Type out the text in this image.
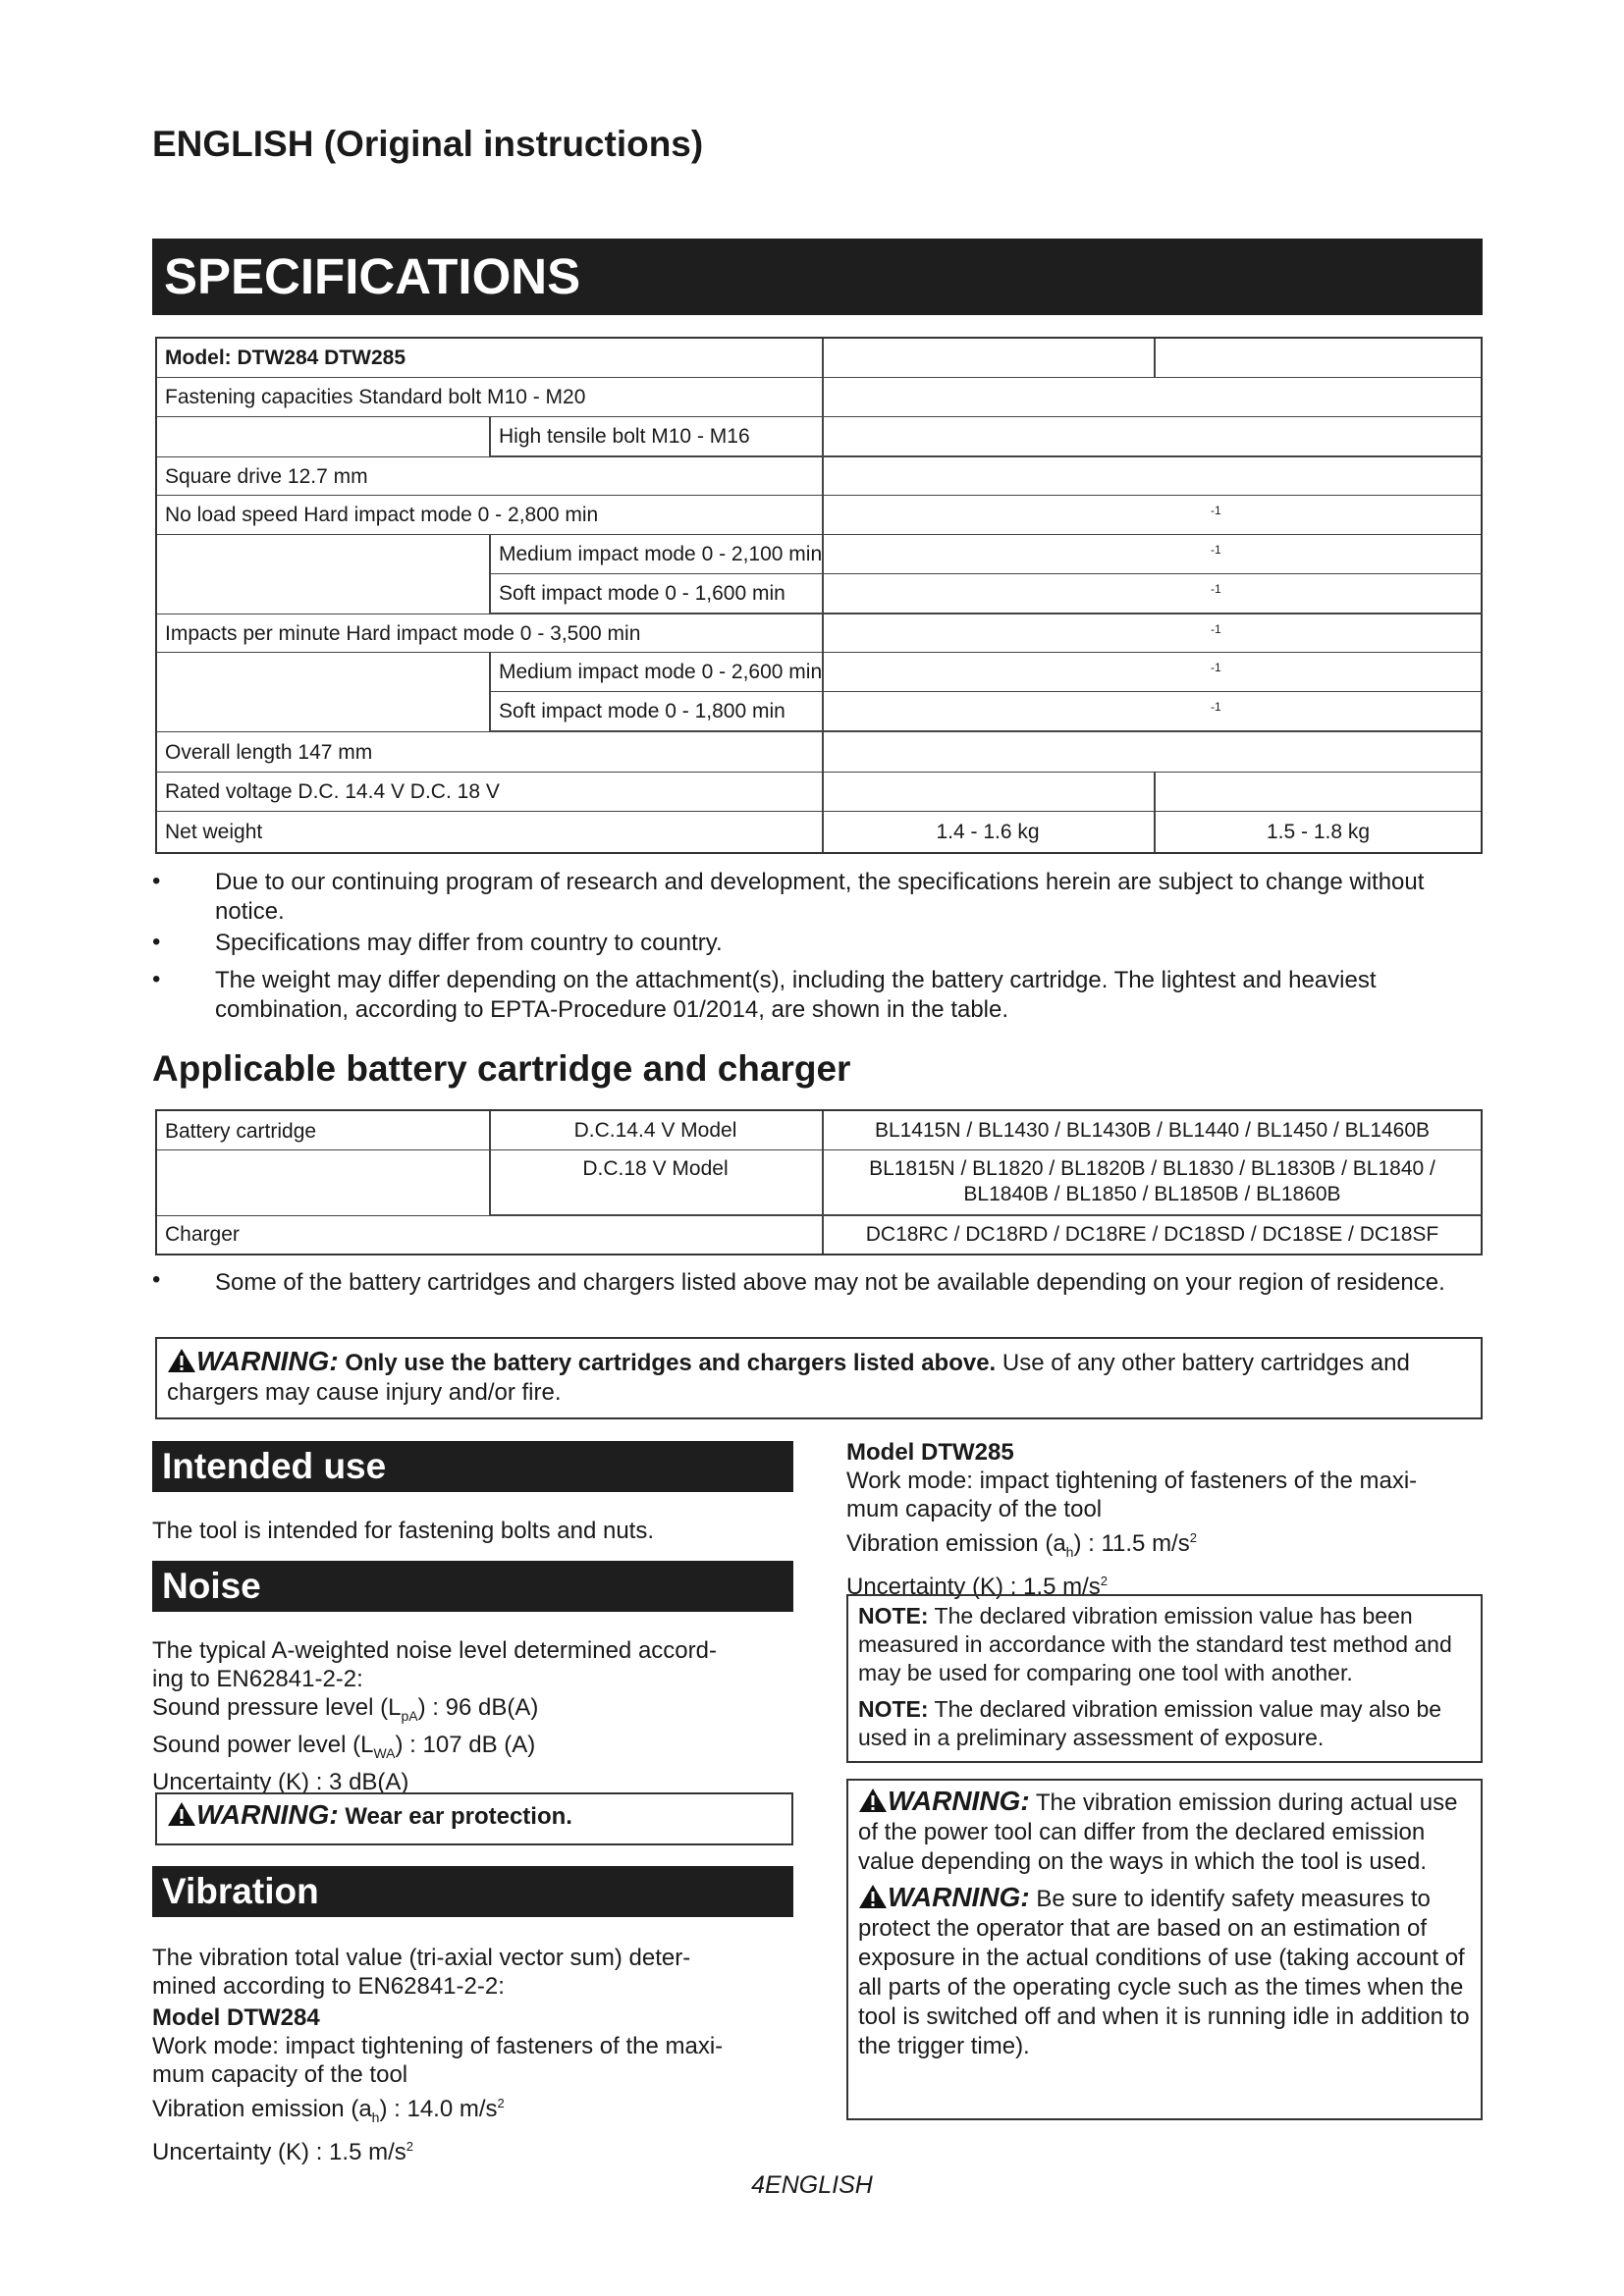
ENGLISH (Original instructions)
SPECIFICATIONS
Model: DTW284 DTW285
Fastening capacities Standard bolt M10 - M20
High tensile bolt M10 - M16
Square drive 12.7 mm
No load speed Hard impact mode 0 - 2,800 min	-1
Medium impact mode 0 - 2,100 min	-1
Soft impact mode 0 - 1,600 min	-1
Impacts per minute Hard impact mode 0 - 3,500 min	-1
Medium impact mode 0 - 2,600 min	-1
Soft impact mode 0 - 1,800 min	-1
Overall length 147 mm
Rated voltage D.C. 14.4 V D.C. 18 V
Net weight	1.4 - 1.6 kg	1.5 - 1.8 kg
• Due to our continuing program of research and development, the specifications herein are subject to change without notice.
• Specifications may differ from country to country.
• The weight may differ depending on the attachment(s), including the battery cartridge. The lightest and heaviest combination, according to EPTA-Procedure 01/2014, are shown in the table.
Applicable battery cartridge and charger
Battery cartridge	D.C.14.4 V Model	BL1415N / BL1430 / BL1430B / BL1440 / BL1450 / BL1460B
D.C.18 V Model	BL1815N / BL1820 / BL1820B / BL1830 / BL1830B / BL1840 /
BL1840B / BL1850 / BL1850B / BL1860B
Charger	DC18RC / DC18RD / DC18RE / DC18SD / DC18SE / DC18SF
• Some of the battery cartridges and chargers listed above may not be available depending on your region of residence.
WARNING: Only use the battery cartridges and chargers listed above. Use of any other battery cartridges and chargers may cause injury and/or fire.
Intended use
The tool is intended for fastening bolts and nuts.
Noise
The typical A-weighted noise level determined accord-
ing to EN62841-2-2:
Sound pressure level $(L_{pA})$ : 96 dB(A)
Sound power level $(L_{WA})$ : 107 dB (A)
Uncertainty (K) : 3 dB(A)
WARNING: Wear ear protection.
Vibration
The vibration total value (tri-axial vector sum) deter-
mined according to EN62841-2-2:
Model DTW284
Work mode: impact tightening of fasteners of the maxi-
mum capacity of the tool
Vibration emission $(a_h)$ : 14.0 $m/s^2$
Uncertainty (K) : 1.5 $m/s^2$
Model DTW285
Work mode: impact tightening of fasteners of the maxi-
mum capacity of the tool
Vibration emission $(a_h)$ : 11.5 $m/s^2$
Uncertainty (K) : 1.5 $m/s^2$
NOTE: The declared vibration emission value has been measured in accordance with the standard test method and may be used for comparing one tool with another.
NOTE: The declared vibration emission value may also be used in a preliminary assessment of exposure.
WARNING: The vibration emission during actual use of the power tool can differ from the declared emission value depending on the ways in which the tool is used.
WARNING: Be sure to identify safety measures to protect the operator that are based on an estimation of exposure in the actual conditions of use (taking account of all parts of the operating cycle such as the times when the tool is switched off and when it is running idle in addition to the trigger time).
4ENGLISH
